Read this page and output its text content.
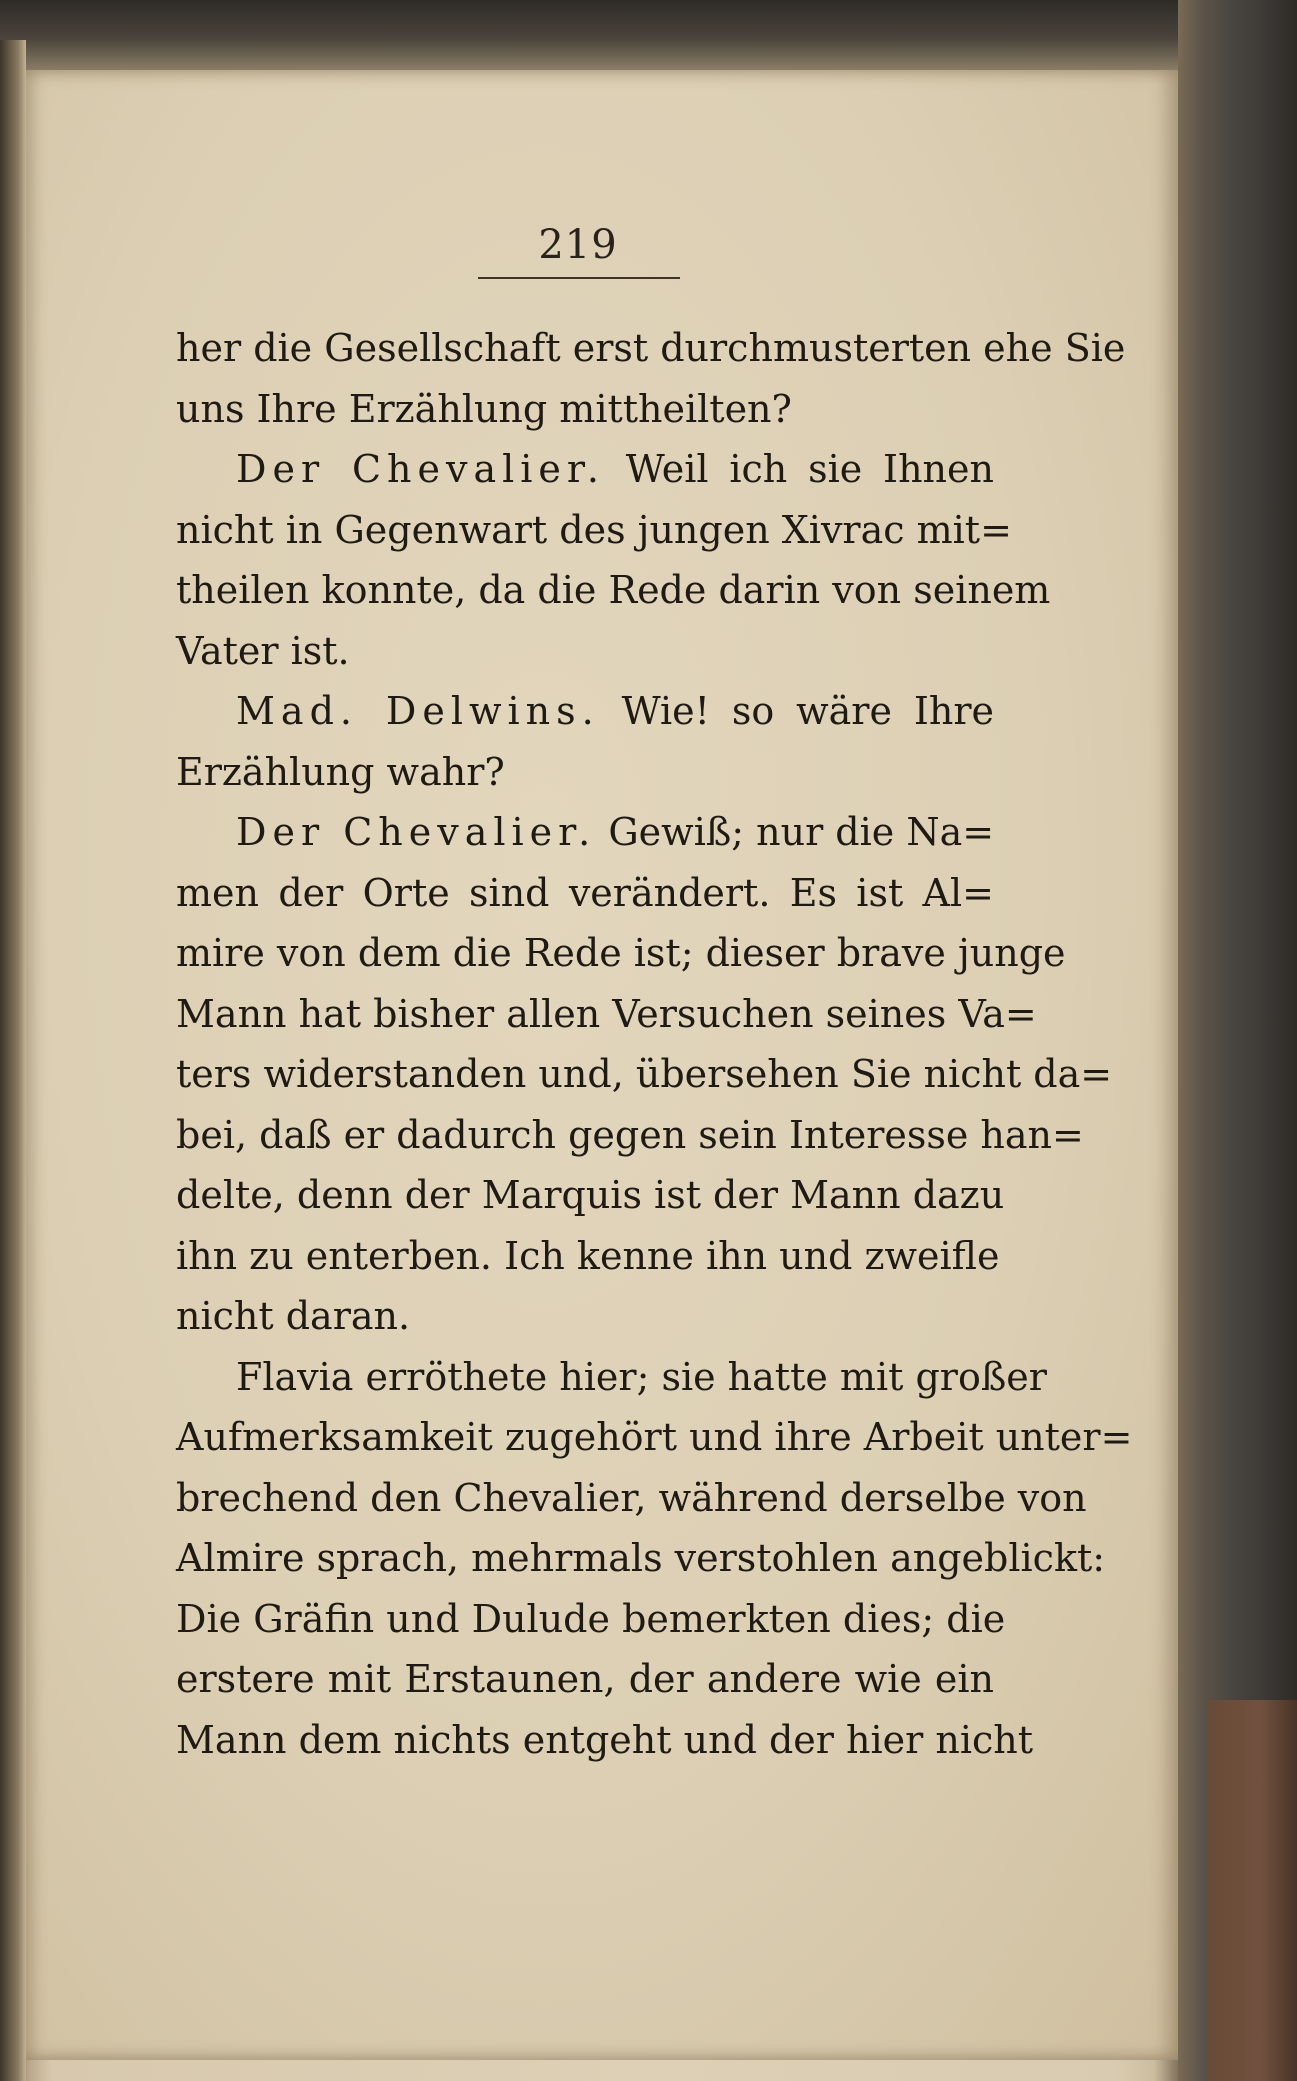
219
her die Gesellschaft erst durchmusterten ehe Sie
uns Ihre Erzählung mittheilten?
Der Chevalier. Weil ich sie Ihnen
nicht in Gegenwart des jungen Xivrac mit=
theilen konnte, da die Rede darin von seinem
Vater ist.
Mad. Delwins. Wie! so wäre Ihre
Erzählung wahr?
Der Chevalier. Gewiß; nur die Na=
men der Orte sind verändert. Es ist Al=
mire von dem die Rede ist; dieser brave junge
Mann hat bisher allen Versuchen seines Va=
ters widerstanden und, übersehen Sie nicht da=
bei, daß er dadurch gegen sein Interesse han=
delte, denn der Marquis ist der Mann dazu
ihn zu enterben. Ich kenne ihn und zweifle
nicht daran.
Flavia erröthete hier; sie hatte mit großer
Aufmerksamkeit zugehört und ihre Arbeit unter=
brechend den Chevalier, während derselbe von
Almire sprach, mehrmals verstohlen angeblickt:
Die Gräfin und Dulude bemerkten dies; die
erstere mit Erstaunen, der andere wie ein
Mann dem nichts entgeht und der hier nicht
